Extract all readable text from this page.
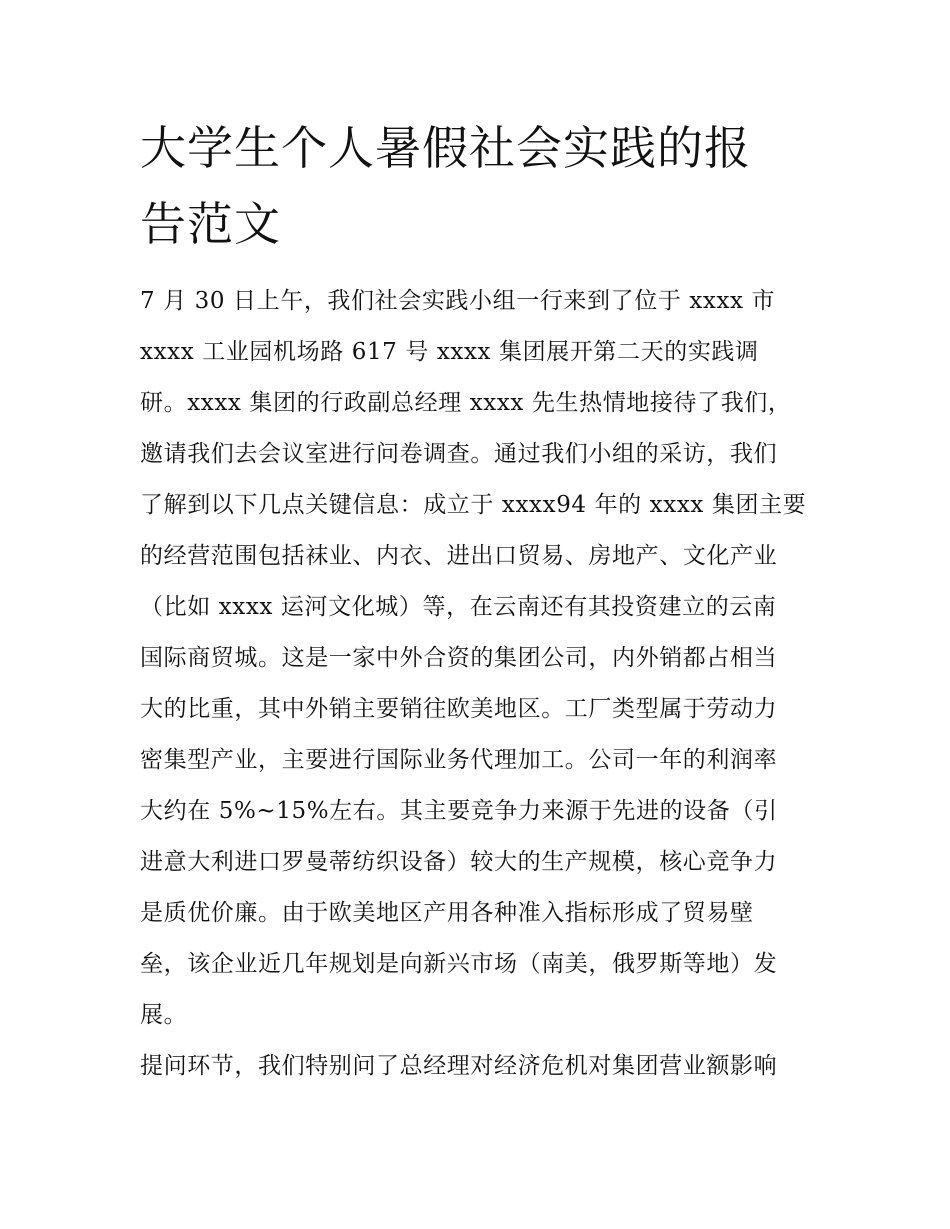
大学生个人暑假社会实践的报
告范文
7 月 30 日上午，我们社会实践小组一行来到了位于 xxxx 市
xxxx 工业园机场路 617 号 xxxx 集团展开第二天的实践调
研。xxxx 集团的行政副总经理 xxxx 先生热情地接待了我们，
邀请我们去会议室进行问卷调查。通过我们小组的采访，我们
了解到以下几点关键信息：成立于 xxxx94 年的 xxxx 集团主要
的经营范围包括袜业、内衣、进出口贸易、房地产、文化产业
（比如 xxxx 运河文化城）等，在云南还有其投资建立的云南
国际商贸城。这是一家中外合资的集团公司，内外销都占相当
大的比重，其中外销主要销往欧美地区。工厂类型属于劳动力
密集型产业，主要进行国际业务代理加工。公司一年的利润率
大约在 5%~15%左右。其主要竞争力来源于先进的设备（引
进意大利进口罗曼蒂纺织设备）较大的生产规模，核心竞争力
是质优价廉。由于欧美地区产用各种准入指标形成了贸易壁
垒，该企业近几年规划是向新兴市场（南美，俄罗斯等地）发
展。
提问环节，我们特别问了总经理对经济危机对集团营业额影响
